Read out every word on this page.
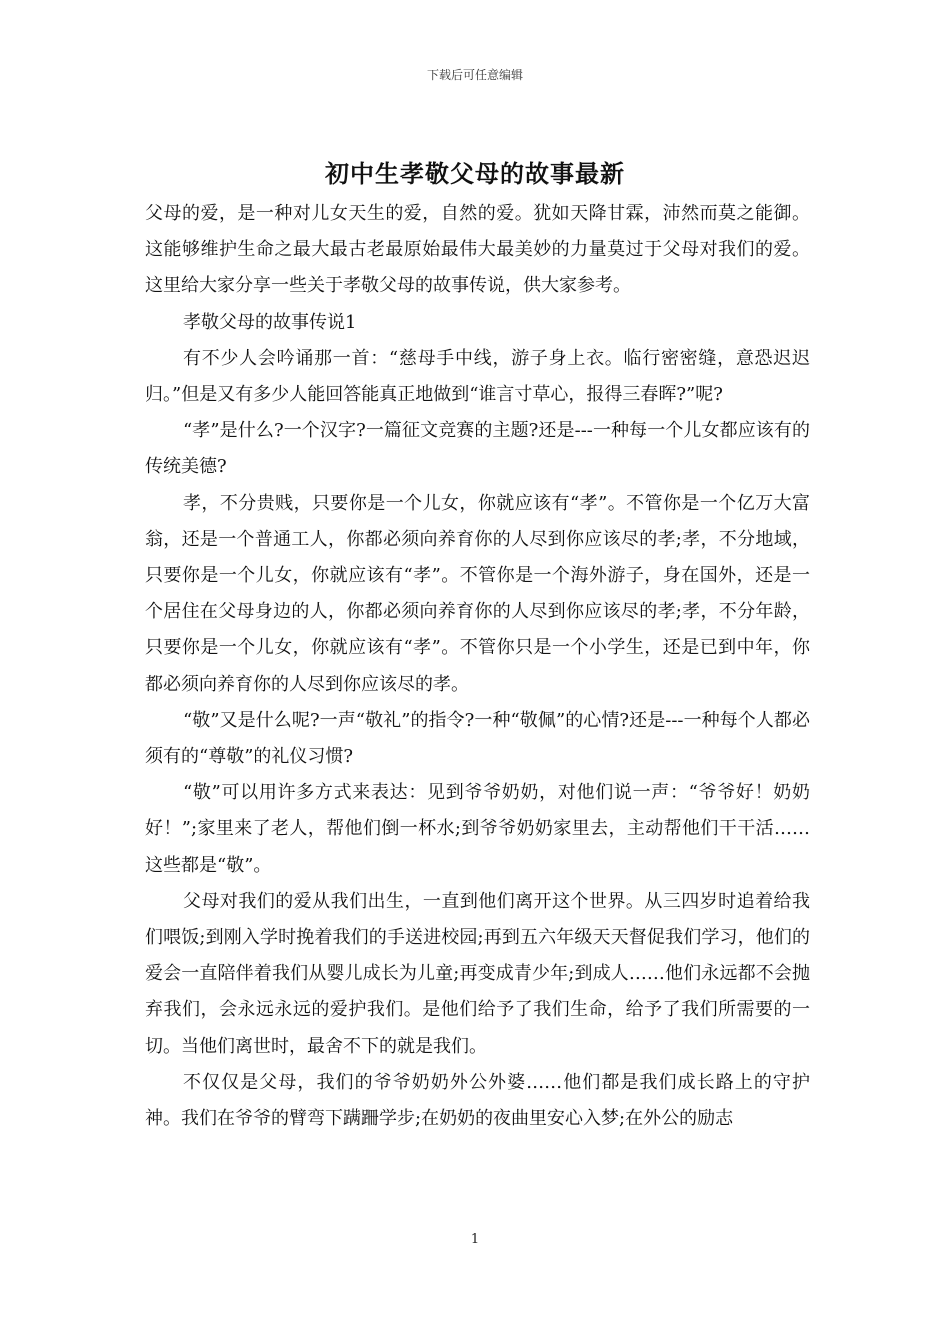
下载后可任意编辑
初中生孝敬父母的故事最新

父母的爱，是一种对儿女天生的爱，自然的爱。犹如天降甘霖，沛然而莫之能御。这能够维护生命之最大最古老最原始最伟大最美妙的力量莫过于父母对我们的爱。这里给大家分享一些关于孝敬父母的故事传说，供大家参考。

孝敬父母的故事传说1

有不少人会吟诵那一首：“慈母手中线，游子身上衣。临行密密缝，意恐迟迟归。”但是又有多少人能回答能真正地做到“谁言寸草心，报得三春晖?”呢?

“孝”是什么?一个汉字?一篇征文竞赛的主题?还是---一种每一个儿女都应该有的传统美德?

孝，不分贵贱，只要你是一个儿女，你就应该有“孝”。不管你是一个亿万大富翁，还是一个普通工人，你都必须向养育你的人尽到你应该尽的孝;孝，不分地域，只要你是一个儿女，你就应该有“孝”。不管你是一个海外游子，身在国外，还是一个居住在父母身边的人，你都必须向养育你的人尽到你应该尽的孝;孝，不分年龄，只要你是一个儿女，你就应该有“孝”。不管你只是一个小学生，还是已到中年，你都必须向养育你的人尽到你应该尽的孝。

“敬”又是什么呢?一声“敬礼”的指令?一种“敬佩”的心情?还是---一种每个人都必须有的“尊敬”的礼仪习惯?

“敬”可以用许多方式来表达：见到爷爷奶奶，对他们说一声：“爷爷好！奶奶好！”;家里来了老人，帮他们倒一杯水;到爷爷奶奶家里去，主动帮他们干干活……这些都是“敬”。

父母对我们的爱从我们出生，一直到他们离开这个世界。从三四岁时追着给我们喂饭;到刚入学时挽着我们的手送进校园;再到五六年级天天督促我们学习，他们的爱会一直陪伴着我们从婴儿成长为儿童;再变成青少年;到成人……他们永远都不会抛弃我们，会永远永远的爱护我们。是他们给予了我们生命，给予了我们所需要的一切。当他们离世时，最舍不下的就是我们。

不仅仅是父母，我们的爷爷奶奶外公外婆……他们都是我们成长路上的守护神。我们在爷爷的臂弯下蹒跚学步;在奶奶的夜曲里安心入梦;在外公的励志

1
